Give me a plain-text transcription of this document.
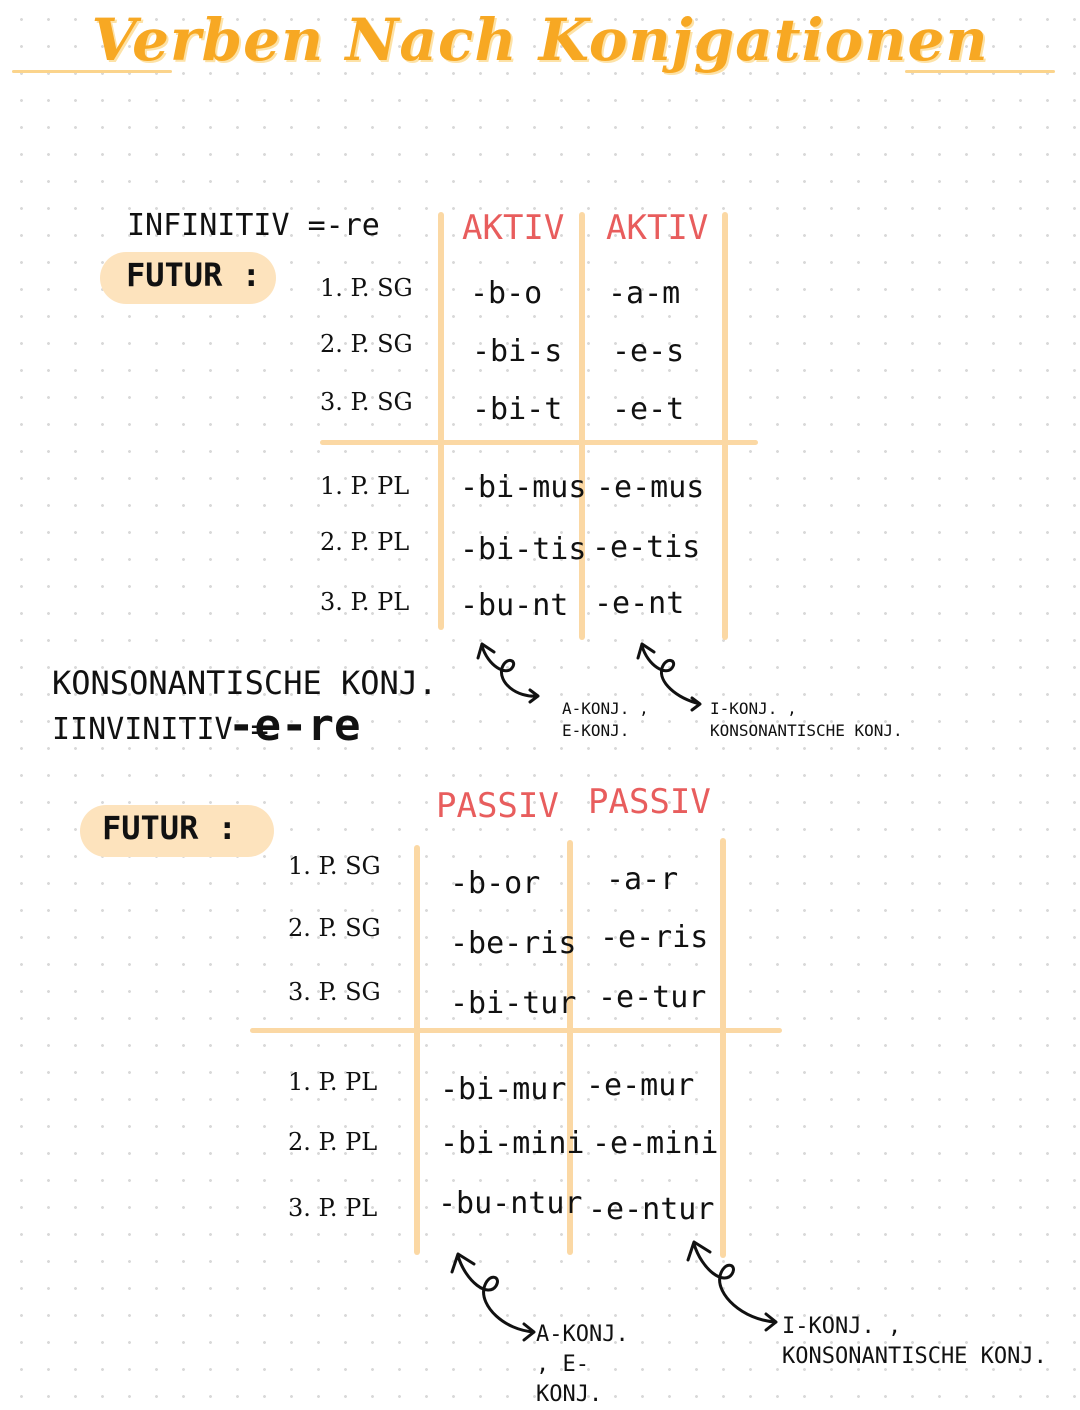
Verben Nach Konjgationen
INFINITIV =-re
FUTUR :
AKTIV AKTIV
1. P. SG -b-o -a-m
2. P. SG -bi-s -e-s
3. P. SG -bi-t -e-t
1. P. PL -bi-mus -e-mus
2. P. PL -bi-tis -e-tis
3. P. PL -bu-nt -e-nt
A-KONJ. , E-KONJ.
I-KONJ. , KONSONANTISCHE KONJ.
KONSONANTISCHE KONJ.
IINVINITIV =
-e-re
FUTUR :
PASSIV PASSIV
1. P. SG -b-or -a-r
2. P. SG -be-ris -e-ris
3. P. SG -bi-tur -e-tur
1. P. PL -bi-mur -e-mur
2. P. PL -bi-mini -e-mini
3. P. PL -bu-ntur -e-ntur
A-KONJ. , E-KONJ.
I-KONJ. , KONSONANTISCHE KONJ.
